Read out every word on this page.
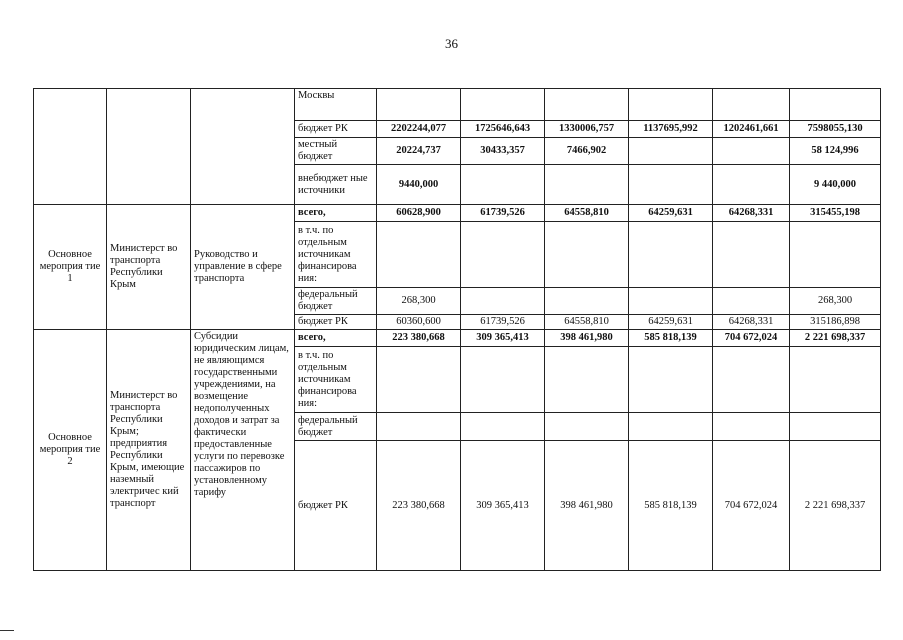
36
			Москвы						
			бюджет РК	2202244,077	1725646,643	1330006,757	1137695,992	1202461,661	7598055,130
			местный бюджет	20224,737	30433,357	7466,902			58 124,996
			внебюджет ные источники	9440,000					9 440,000
Основное мероприя тие 1	Министерст во транспорта Республики Крым	Руководство и управление в сфере транспорта	всего,	60628,900	61739,526	64558,810	64259,631	64268,331	315455,198
			в т.ч. по отдельным источникам финансирова ния:						
			федеральный бюджет	268,300					268,300
			бюджет РК	60360,600	61739,526	64558,810	64259,631	64268,331	315186,898
Основное мероприя тие 2	Министерст во транспорта Республики Крым; предприятия Республики Крым, имеющие наземный электричес кий транспорт	Субсидии юридическим лицам, не являющимся государственными учреждениями, на возмещение недополученных доходов и затрат за фактически предоставленные услуги по перевозке пассажиров по установленному тарифу	всего,	223 380,668	309 365,413	398 461,980	585 818,139	704 672,024	2 221 698,337
			в т.ч. по отдельным источникам финансирова ния:						
			федеральный бюджет						
			бюджет РК	223 380,668	309 365,413	398 461,980	585 818,139	704 672,024	2 221 698,337
